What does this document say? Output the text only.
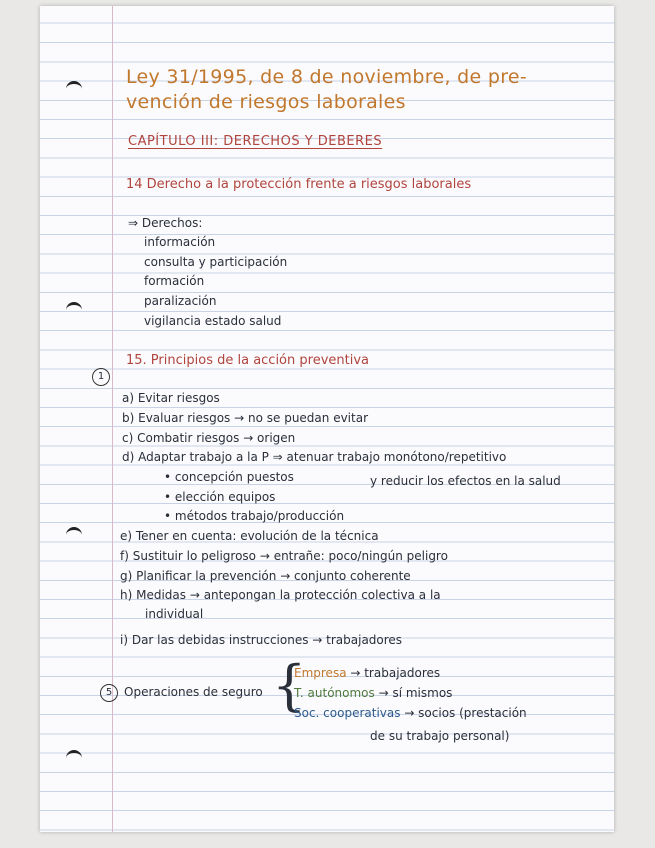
Ley 31/1995, de 8 de noviembre, de pre-
vención de riesgos laborales
CAPÍTULO III: DERECHOS Y DEBERES
14 Derecho a la protección frente a riesgos laborales
⇒ Derechos:
información
consulta y participación
formación
paralización
vigilancia estado salud
1
15. Principios de la acción preventiva
a) Evitar riesgos
b) Evaluar riesgos → no se puedan evitar
c) Combatir riesgos → origen
d) Adaptar trabajo a la P ⇒ atenuar trabajo monótono/repetitivo
• concepción puestos	y reducir los efectos en la salud
• elección equipos
• métodos trabajo/producción
e) Tener en cuenta: evolución de la técnica
f) Sustituir lo peligroso → entrañe: poco/ningún peligro
g) Planificar la prevención → conjunto coherente
h) Medidas → antepongan la protección colectiva a la
individual
i) Dar las debidas instrucciones → trabajadores
5 Operaciones de seguro {
Empresa → trabajadores
T. autónomos → sí mismos
Soc. cooperativas → socios (prestación
de su trabajo personal)
